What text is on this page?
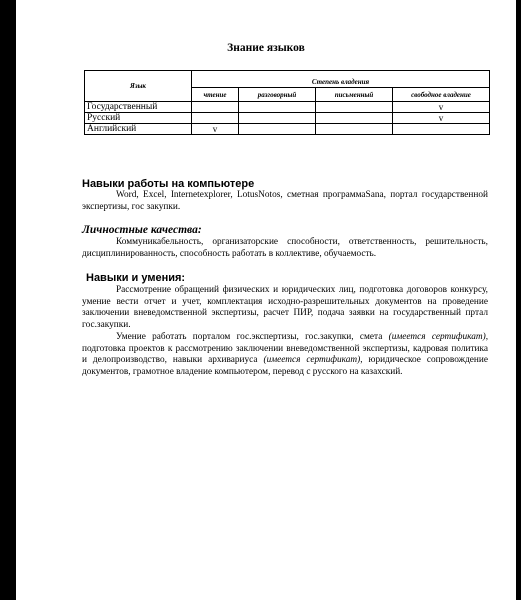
Знание языков
Язык	Степень владения			
	чтение	разговорный	письменный	свободное владение
Государственный				v
Русский				v
Английский	v			
Навыки работы на компьютере

Word, Excel, Internetexplorer, LotusNotos, сметная программаSana, портал государственной экспертизы, гос закупки.

Личностные качества:

Коммуникабельность, организаторские способности, ответственность, решительность, дисциплинированность, способность работать в коллективе, обучаемость.

Навыки и умения:

Рассмотрение обращений физических и юридических лиц, подготовка договоров конкурсу, умение вести отчет и учет, комплектация исходно-разрешительных документов на проведение заключении вневедомственной экспертизы, расчет ПИР, подача заявки на государственный пртал гос.закупки.

Умение работать порталом гос.экспертизы, гос.закупки, смета (имеется сертификат), подготовка проектов к рассмотрению заключении вневедомственной экспертизы, кадровая политика и делопроизводство, навыки архивариуса (имеется сертификат), юридическое сопровождение документов, грамотное владение компьютером, перевод с русского на казахский.
